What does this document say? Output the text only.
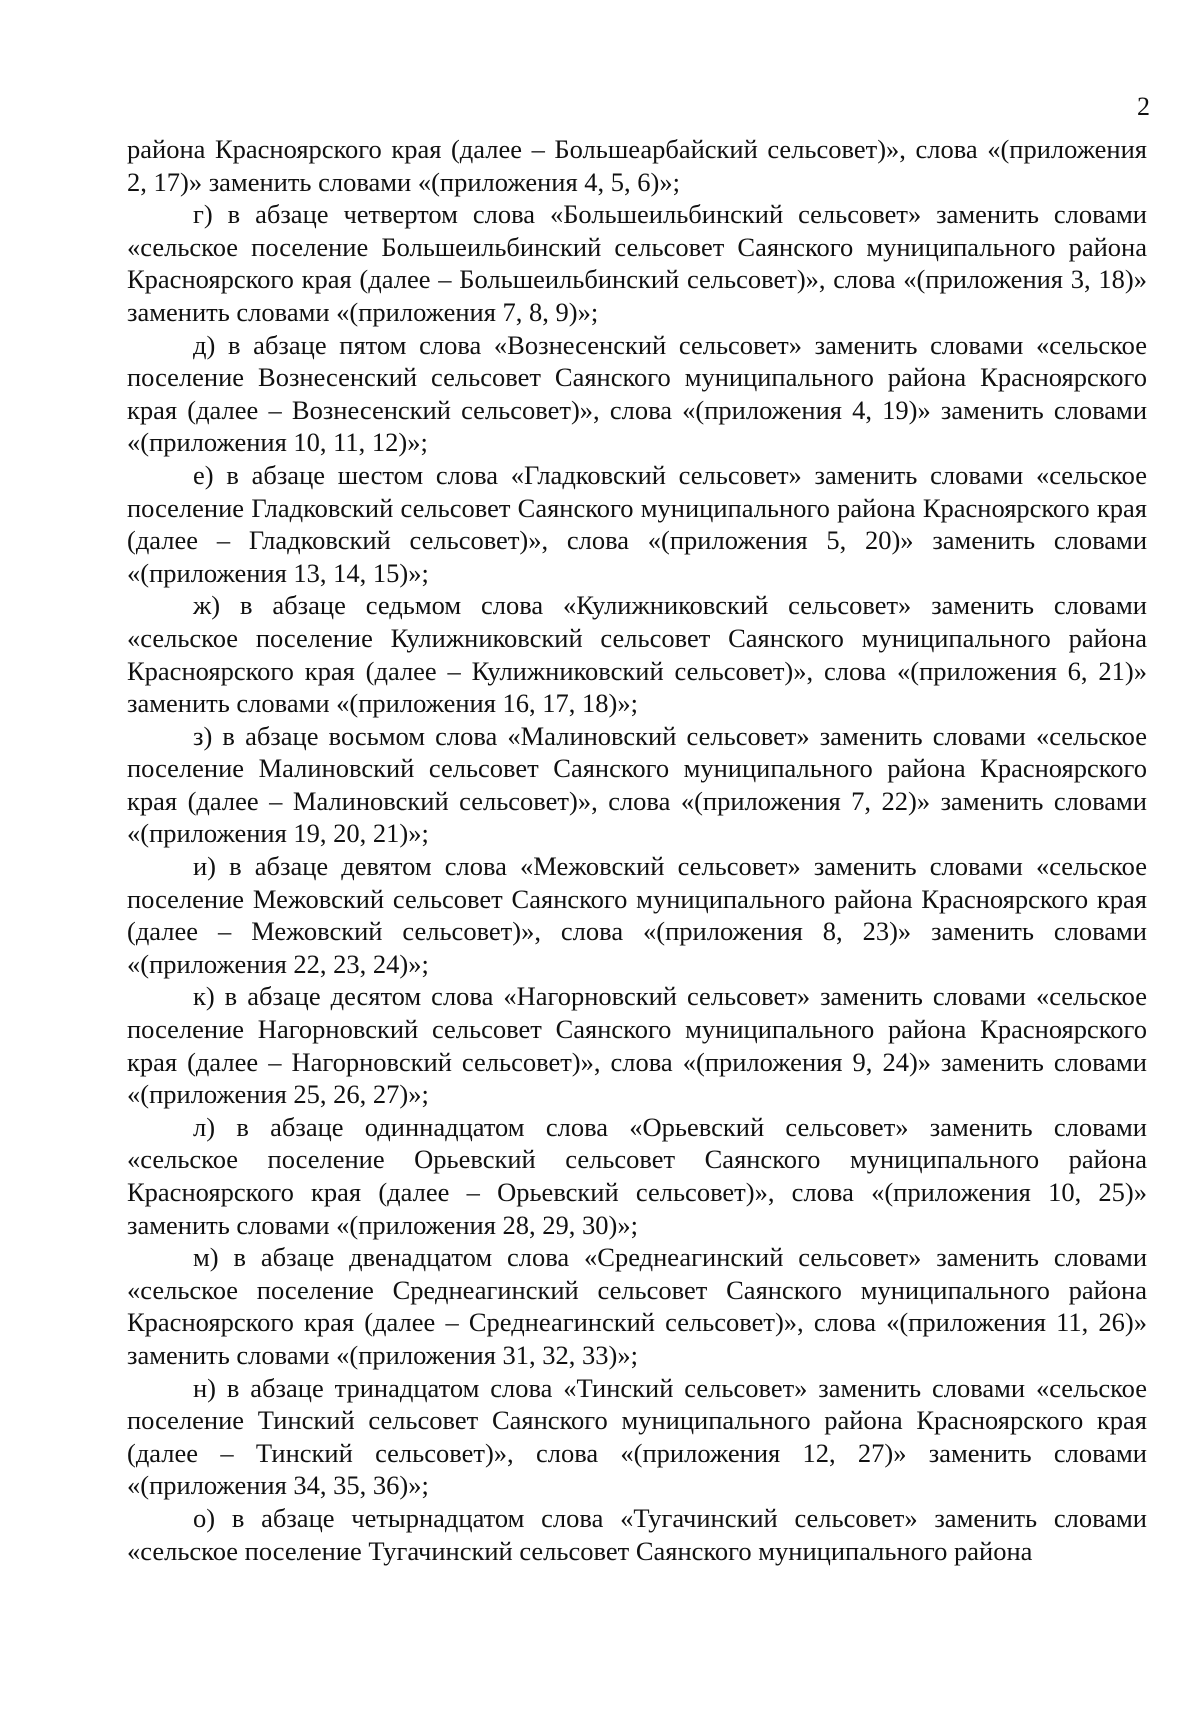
2

района Красноярского края (далее – Большеарбайский сельсовет)», слова «(приложения 2, 17)» заменить словами «(приложения 4, 5, 6)»;

г) в абзаце четвертом слова «Большеильбинский сельсовет» заменить словами «сельское поселение Большеильбинский сельсовет Саянского муниципального района Красноярского края (далее – Большеильбинский сельсовет)», слова «(приложения 3, 18)» заменить словами «(приложения 7, 8, 9)»;

д) в абзаце пятом слова «Вознесенский сельсовет» заменить словами «сельское поселение Вознесенский сельсовет Саянского муниципального района Красноярского края (далее – Вознесенский сельсовет)», слова «(приложения 4, 19)» заменить словами «(приложения 10, 11, 12)»;

е) в абзаце шестом слова «Гладковский сельсовет» заменить словами «сельское поселение Гладковский сельсовет Саянского муниципального района Красноярского края (далее – Гладковский сельсовет)», слова «(приложения 5, 20)» заменить словами «(приложения 13, 14, 15)»;

ж) в абзаце седьмом слова «Кулижниковский сельсовет» заменить словами «сельское поселение Кулижниковский сельсовет Саянского муниципального района Красноярского края (далее – Кулижниковский сельсовет)», слова «(приложения 6, 21)» заменить словами «(приложения 16, 17, 18)»;

з) в абзаце восьмом слова «Малиновский сельсовет» заменить словами «сельское поселение Малиновский сельсовет Саянского муниципального района Красноярского края (далее – Малиновский сельсовет)», слова «(приложения 7, 22)» заменить словами «(приложения 19, 20, 21)»;

и) в абзаце девятом слова «Межовский сельсовет» заменить словами «сельское поселение Межовский сельсовет Саянского муниципального района Красноярского края (далее – Межовский сельсовет)», слова «(приложения 8, 23)» заменить словами «(приложения 22, 23, 24)»;

к) в абзаце десятом слова «Нагорновский сельсовет» заменить словами «сельское поселение Нагорновский сельсовет Саянского муниципального района Красноярского края (далее – Нагорновский сельсовет)», слова «(приложения 9, 24)» заменить словами «(приложения 25, 26, 27)»;

л) в абзаце одиннадцатом слова «Орьевский сельсовет» заменить словами «сельское поселение Орьевский сельсовет Саянского муниципального района Красноярского края (далее – Орьевский сельсовет)», слова «(приложения 10, 25)» заменить словами «(приложения 28, 29, 30)»;

м) в абзаце двенадцатом слова «Среднеагинский сельсовет» заменить словами «сельское поселение Среднеагинский сельсовет Саянского муниципального района Красноярского края (далее – Среднеагинский сельсовет)», слова «(приложения 11, 26)» заменить словами «(приложения 31, 32, 33)»;

н) в абзаце тринадцатом слова «Тинский сельсовет» заменить словами «сельское поселение Тинский сельсовет Саянского муниципального района Красноярского края (далее – Тинский сельсовет)», слова «(приложения 12, 27)» заменить словами «(приложения 34, 35, 36)»;

о) в абзаце четырнадцатом слова «Тугачинский сельсовет» заменить словами «сельское поселение Тугачинский сельсовет Саянского муниципального района
